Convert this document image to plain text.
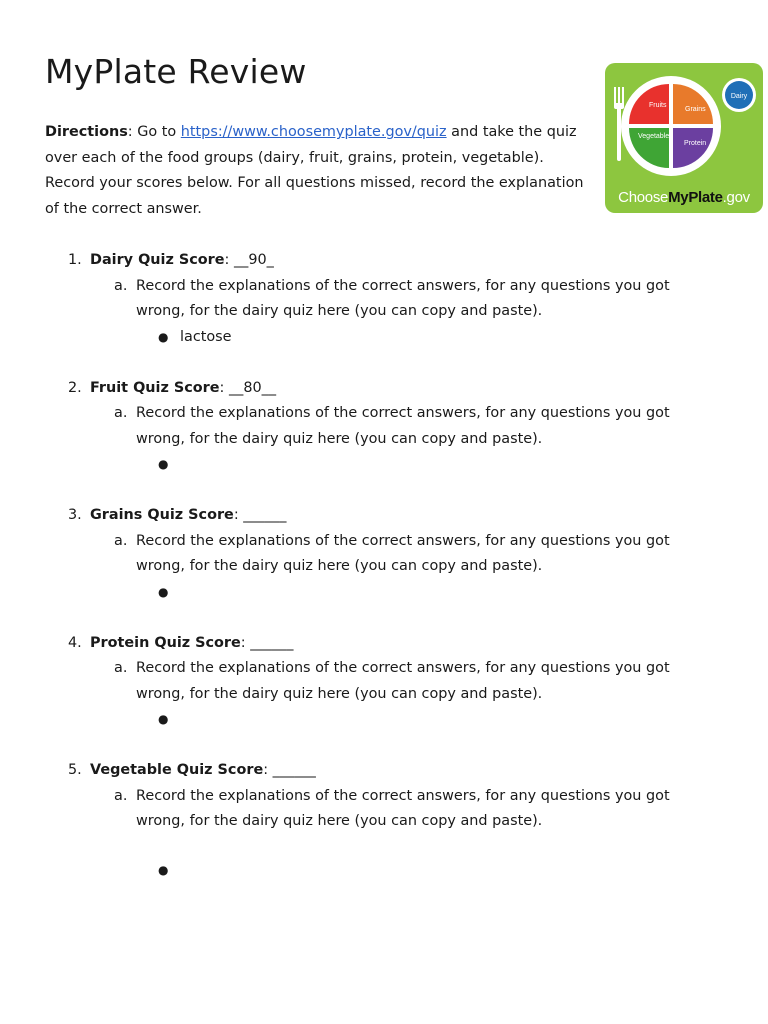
MyPlate Review
Directions: Go to https://www.choosemyplate.gov/quiz and take the quiz over each of the food groups (dairy, fruit, grains, protein, vegetable). Record your scores below. For all questions missed, record the explanation of the correct answer.
Fruits
Grains
Vegetables
Protein
Dairy
ChooseMyPlate.gov
1. Dairy Quiz Score: __90_
a. Record the explanations of the correct answers, for any questions you got
wrong, for the dairy quiz here (you can copy and paste).
● lactose
2. Fruit Quiz Score: __80__
a. Record the explanations of the correct answers, for any questions you got
wrong, for the dairy quiz here (you can copy and paste).
●
3. Grains Quiz Score: ______
a. Record the explanations of the correct answers, for any questions you got
wrong, for the dairy quiz here (you can copy and paste).
●
4. Protein Quiz Score: ______
a. Record the explanations of the correct answers, for any questions you got
wrong, for the dairy quiz here (you can copy and paste).
●
5. Vegetable Quiz Score: ______
a. Record the explanations of the correct answers, for any questions you got
wrong, for the dairy quiz here (you can copy and paste).
●
